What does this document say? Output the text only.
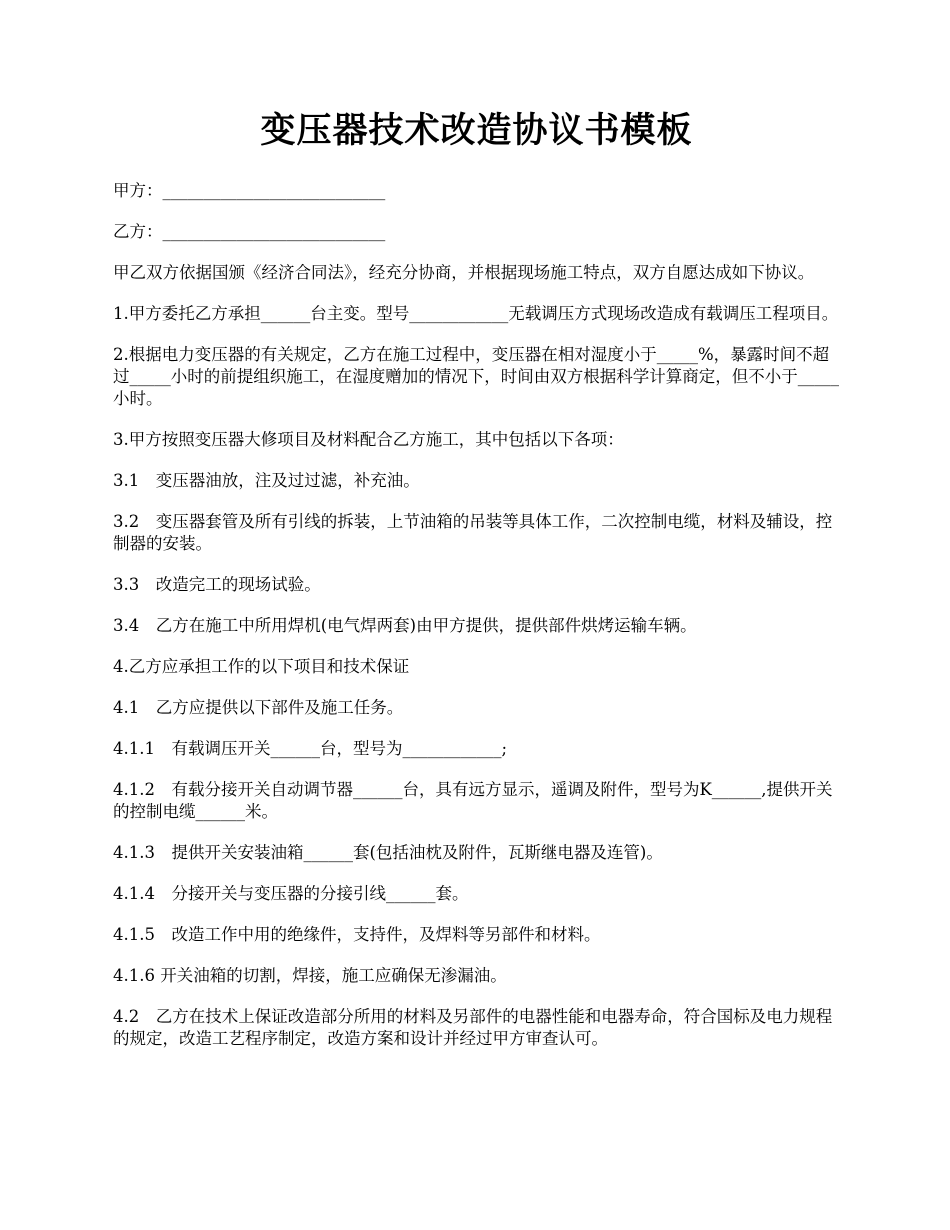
变压器技术改造协议书模板

甲方：___________________________

乙方：___________________________

甲乙双方依据国颁《经济合同法》，经充分协商，并根据现场施工特点，双方自愿达成如下协议。

1.甲方委托乙方承担______台主变。型号____________无载调压方式现场改造成有载调压工程项目。

2.根据电力变压器的有关规定，乙方在施工过程中，变压器在相对湿度小于_____%，暴露时间不超过_____小时的前提组织施工，在湿度赠加的情况下，时间由双方根据科学计算商定，但不小于_____小时。

3.甲方按照变压器大修项目及材料配合乙方施工，其中包括以下各项：

3.1　变压器油放，注及过过滤，补充油。

3.2　变压器套管及所有引线的拆装，上节油箱的吊装等具体工作，二次控制电缆，材料及辅设，控制器的安装。

3.3　改造完工的现场试验。

3.4　乙方在施工中所用焊机(电气焊两套)由甲方提供，提供部件烘烤运输车辆。

4.乙方应承担工作的以下项目和技术保证

4.1　乙方应提供以下部件及施工任务。

4.1.1　有载调压开关______台，型号为____________;

4.1.2　有载分接开关自动调节器______台，具有远方显示，遥调及附件，型号为K______,提供开关的控制电缆______米。

4.1.3　提供开关安装油箱______套(包括油枕及附件，瓦斯继电器及连管)。

4.1.4　分接开关与变压器的分接引线______套。

4.1.5　改造工作中用的绝缘件，支持件，及焊料等另部件和材料。

4.1.6 开关油箱的切割，焊接，施工应确保无渗漏油。

4.2　乙方在技术上保证改造部分所用的材料及另部件的电器性能和电器寿命，符合国标及电力规程的规定，改造工艺程序制定，改造方案和设计并经过甲方审查认可。
